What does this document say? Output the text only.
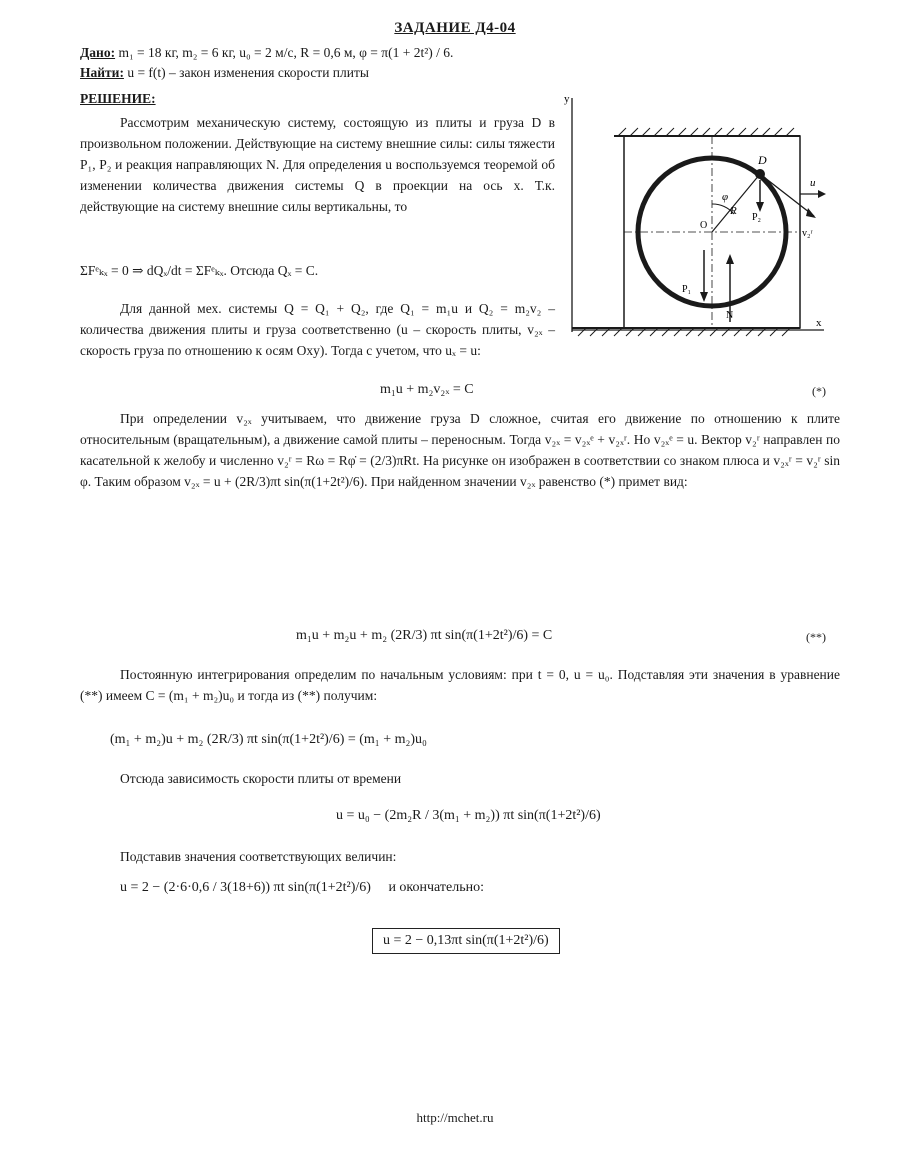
ЗАДАНИЕ Д4-04
Дано: m₁ = 18 кг, m₂ = 6 кг, u₀ = 2 м/с, R = 0,6 м, φ = π(1 + 2t²) / 6.
Найти: u = f(t) – закон изменения скорости плиты
РЕШЕНИЕ:
Рассмотрим механическую систему, состоящую из плиты и груза D в произвольном положении. Действующие на систему внешние силы: силы тяжести P₁, P₂ и реакция направляющих N. Для определения u воспользуемся теоремой об изменении количества движения системы Q в проекции на ось x. Т.к. действующие на систему внешние силы вертикальны, то
ΣFᵉₖₓ = 0 ⇒ dQₓ/dt = ΣFᵉₖₓ. Отсюда Qₓ = C.
Для данной мех. системы Q = Q₁ + Q₂, где Q₁ = m₁u и Q₂ = m₂v₂ – количества движения плиты и груза соответственно (u – скорость плиты, v₂ₓ – скорость груза по отношению к осям Oxy). Тогда с учетом, что uₓ = u:
m₁u + m₂v₂ₓ = C	(*)
При определении v₂ₓ учитываем, что движение груза D сложное, считая его движение по отношению к плите относительным (вращательным), а движение самой плиты – переносным. Тогда v₂ₓ = v₂ₓᵉ + v₂ₓʳ. Но v₂ₓᵉ = u. Вектор v₂ʳ направлен по касательной к желобу и численно v₂ʳ = Rω = Rφ̇ = (2/3)πRt. На рисунке он изображен в соответствии со знаком плюса и v₂ₓʳ = v₂ʳ sin φ. Таким образом v₂ₓ = u + (2R/3)πt sin(π(1+2t²)/6). При найденном значении v₂ₓ равенство (*) примет вид:
m₁u + m₂u + m₂ (2R/3) πt sin(π(1+2t²)/6) = C	(**)
Постоянную интегрирования определим по начальным условиям: при t = 0, u = u₀. Подставляя эти значения в уравнение (**) имеем C = (m₁ + m₂)u₀ и тогда из (**) получим:
(m₁ + m₂)u + m₂ (2R/3) πt sin(π(1+2t²)/6) = (m₁ + m₂)u₀
Отсюда зависимость скорости плиты от времени
u = u₀ − (2m₂R / 3(m₁ + m₂)) πt sin(π(1+2t²)/6)
Подставив значения соответствующих величин:
u = 2 − (2·6·0,6 / 3(18+6)) πt sin(π(1+2t²)/6) и окончательно:
u = 2 − 0,13πt sin(π(1+2t²)/6)
http://mchet.ru
y
x
R
φ
O
D
P₂
v₂ʳ
u
P₁
N
